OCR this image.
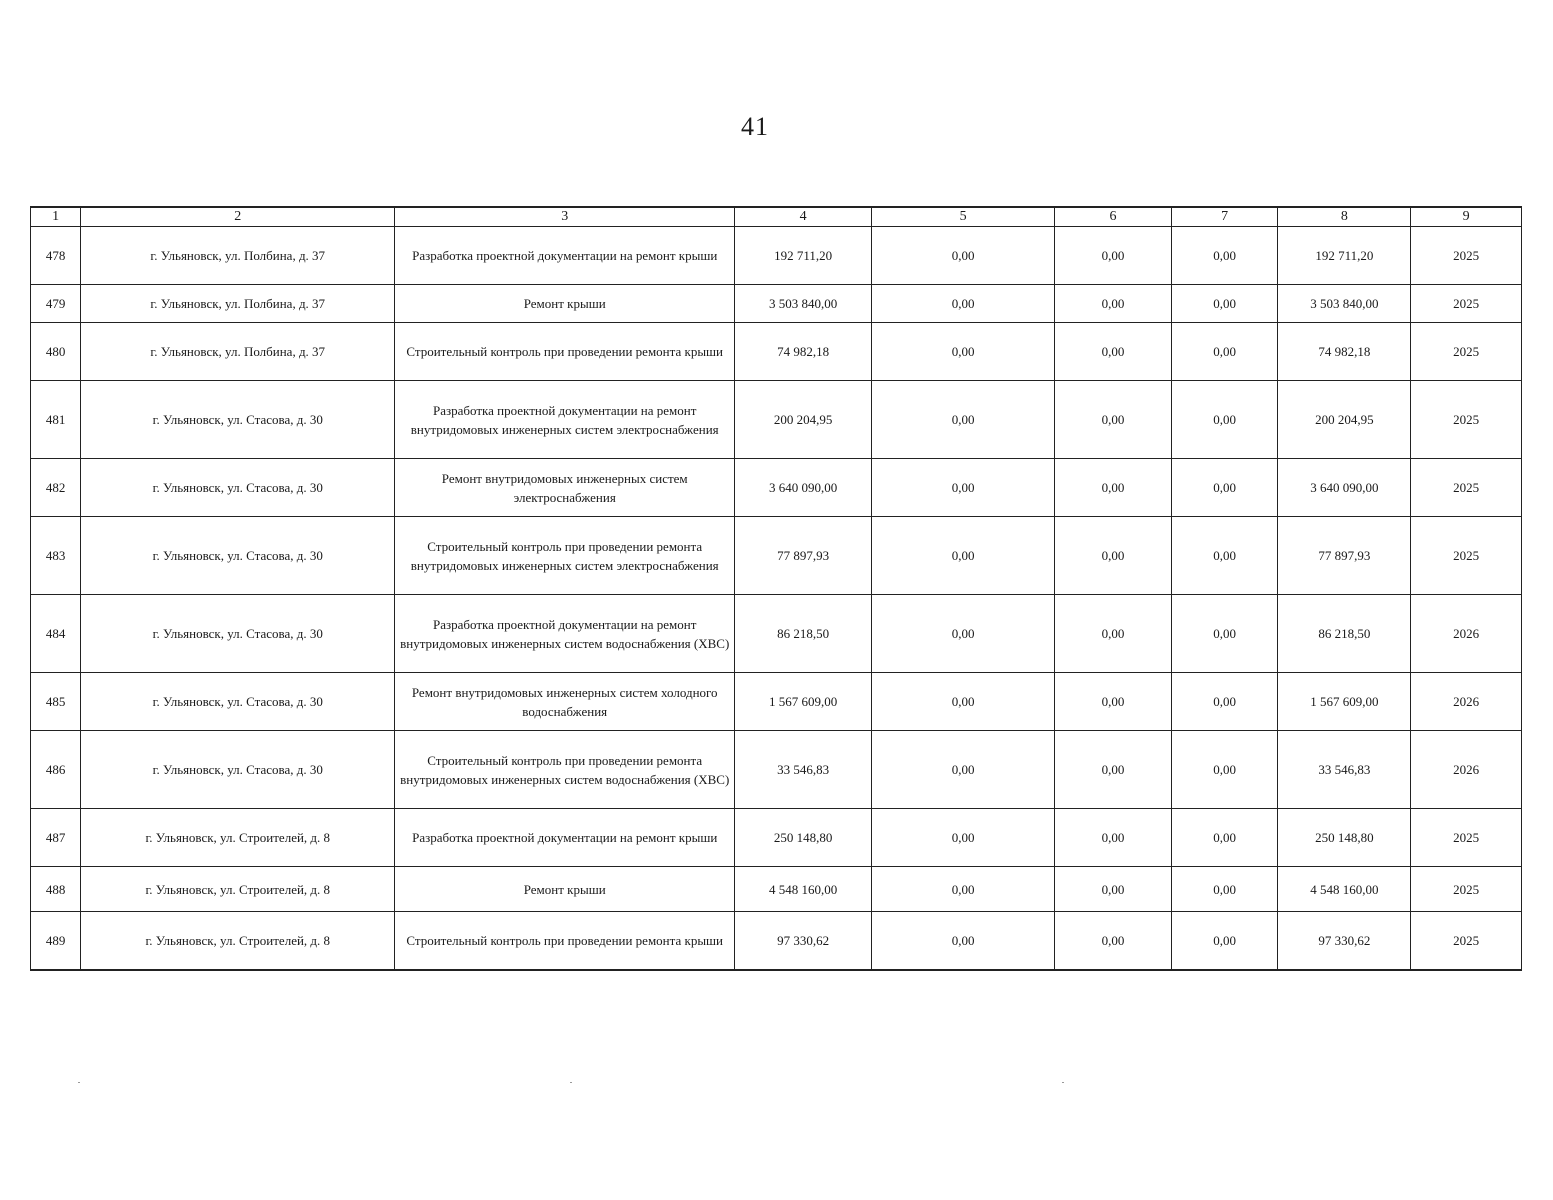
41
1	2	3	4	5	6	7	8	9
478	г. Ульяновск, ул. Полбина, д. 37	Разработка проектной документации на ремонт крыши	192 711,20	0,00	0,00	0,00	192 711,20	2025
479	г. Ульяновск, ул. Полбина, д. 37	Ремонт крыши	3 503 840,00	0,00	0,00	0,00	3 503 840,00	2025
480	г. Ульяновск, ул. Полбина, д. 37	Строительный контроль при проведении ремонта крыши	74 982,18	0,00	0,00	0,00	74 982,18	2025
481	г. Ульяновск, ул. Стасова, д. 30	Разработка проектной документации на ремонт внутридомовых инженерных систем электроснабжения	200 204,95	0,00	0,00	0,00	200 204,95	2025
482	г. Ульяновск, ул. Стасова, д. 30	Ремонт внутридомовых инженерных систем электроснабжения	3 640 090,00	0,00	0,00	0,00	3 640 090,00	2025
483	г. Ульяновск, ул. Стасова, д. 30	Строительный контроль при проведении ремонта внутридомовых инженерных систем электроснабжения	77 897,93	0,00	0,00	0,00	77 897,93	2025
484	г. Ульяновск, ул. Стасова, д. 30	Разработка проектной документации на ремонт внутридомовых инженерных систем водоснабжения (ХВС)	86 218,50	0,00	0,00	0,00	86 218,50	2026
485	г. Ульяновск, ул. Стасова, д. 30	Ремонт внутридомовых инженерных систем холодного водоснабжения	1 567 609,00	0,00	0,00	0,00	1 567 609,00	2026
486	г. Ульяновск, ул. Стасова, д. 30	Строительный контроль при проведении ремонта внутридомовых инженерных систем водоснабжения (ХВС)	33 546,83	0,00	0,00	0,00	33 546,83	2026
487	г. Ульяновск, ул. Строителей, д. 8	Разработка проектной документации на ремонт крыши	250 148,80	0,00	0,00	0,00	250 148,80	2025
488	г. Ульяновск, ул. Строителей, д. 8	Ремонт крыши	4 548 160,00	0,00	0,00	0,00	4 548 160,00	2025
489	г. Ульяновск, ул. Строителей, д. 8	Строительный контроль при проведении ремонта крыши	97 330,62	0,00	0,00	0,00	97 330,62	2025
